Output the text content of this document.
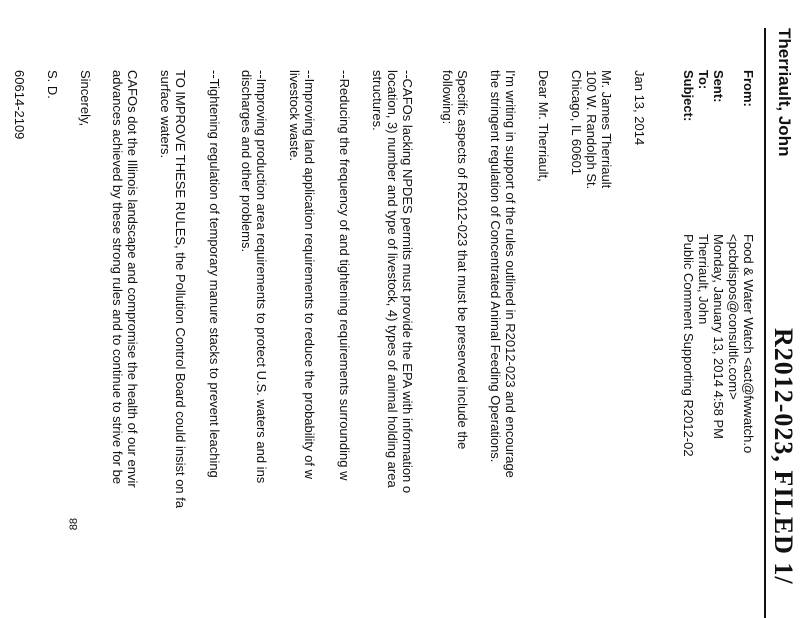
Therriault, John
R2012-023, FILED 1/
From:
Food & Water Watch <act@fwwatch.o
<pcbdispos@consultlc.com>
Sent:
Monday, January 13, 2014 4:58 PM
To:
Therriault, John
Subject:
Public Comment Supporting R2012-02
Jan 13, 2014
Mr. James Therriault
100 W. Randolph St.
Chicago, IL 60601
Dear Mr. Therriault,
I'm writing in support of the rules outlined in R2012-023 and encourage
the stringent regulation of Concentrated Animal Feeding Operations.
Specific aspects of R2012-023 that must be preserved include the
following:
--CAFOs lacking NPDES permits must provide the EPA with information o
location, 3) number and type of livestock, 4) types of animal holding area
structures.
--Reducing the frequency of and tightening requirements surrounding w
--Improving land application requirements to reduce the probability of w
livestock waste.
--Improving production area requirements to protect U.S. waters and ins
discharges and other problems.
--Tightening regulation of temporary manure stacks to prevent leaching
TO IMPROVE THESE RULES, the Pollution Control Board could insist on fa
surface waters.
CAFOs dot the Illinois landscape and compromise the health of our envir
advances achieved by these strong rules and to continue to strive for be
Sincerely,
S. D.
60614-2109
88
